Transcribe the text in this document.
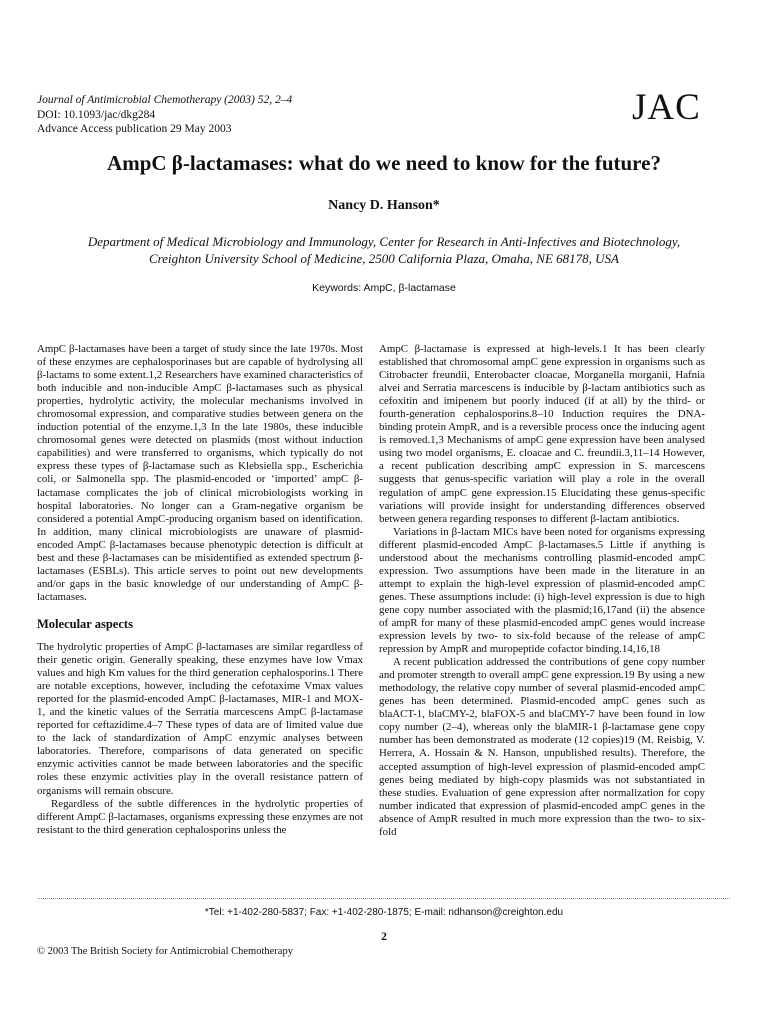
Journal of Antimicrobial Chemotherapy (2003) 52, 2–4
DOI: 10.1093/jac/dkg284
Advance Access publication 29 May 2003
JAC
AmpC β-lactamases: what do we need to know for the future?
Nancy D. Hanson*
Department of Medical Microbiology and Immunology, Center for Research in Anti-Infectives and Biotechnology,
Creighton University School of Medicine, 2500 California Plaza, Omaha, NE 68178, USA
Keywords: AmpC, β-lactamase

AmpC β-lactamases have been a target of study since the late 1970s. Most of these enzymes are cephalosporinases but are capable of hydrolysing all β-lactams to some extent.1,2 Researchers have examined characteristics of both inducible and non-inducible AmpC β-lactamases such as physical properties, hydrolytic activity, the molecular mechanisms involved in chromosomal expression, and comparative studies between genera on the induction potential of the enzyme.1,3 In the late 1980s, these inducible chromosomal genes were detected on plasmids (most without induction capabilities) and were transferred to organisms, which typically do not express these types of β-lactamase such as Klebsiella spp., Escherichia coli, or Salmonella spp. The plasmid-encoded or ‘imported’ ampC β-lactamase complicates the job of clinical microbiologists working in hospital laboratories. No longer can a Gram-negative organism be considered a potential AmpC-producing organism based on identification. In addition, many clinical microbiologists are unaware of plasmid-encoded AmpC β-lactamases because phenotypic detection is difficult at best and these β-lactamases can be misidentified as extended spectrum β-lactamases (ESBLs). This article serves to point out new developments and/or gaps in the basic knowledge of our understanding of AmpC β-lactamases.

Molecular aspects

The hydrolytic properties of AmpC β-lactamases are similar regardless of their genetic origin. Generally speaking, these enzymes have low Vmax values and high Km values for the third generation cephalosporins.1 There are notable exceptions, however, including the cefotaxime Vmax values reported for the plasmid-encoded AmpC β-lactamases, MIR-1 and MOX-1, and the kinetic values of the Serratia marcescens AmpC β-lactamase reported for ceftazidime.4–7 These types of data are of limited value due to the lack of standardization of AmpC enzymic analyses between laboratories. Therefore, comparisons of data generated on specific enzymic activities cannot be made between laboratories and the specific roles these enzymic activities play in the overall resistance pattern of organisms will remain obscure.

Regardless of the subtle differences in the hydrolytic properties of different AmpC β-lactamases, organisms expressing these enzymes are not resistant to the third generation cephalosporins unless the

AmpC β-lactamase is expressed at high-levels.1 It has been clearly established that chromosomal ampC gene expression in organisms such as Citrobacter freundii, Enterobacter cloacae, Morganella morganii, Hafnia alvei and Serratia marcescens is inducible by β-lactam antibiotics such as cefoxitin and imipenem but poorly induced (if at all) by the third- or fourth-generation cephalosporins.8–10 Induction requires the DNA-binding protein AmpR, and is a reversible process once the inducing agent is removed.1,3 Mechanisms of ampC gene expression have been analysed using two model organisms, E. cloacae and C. freundii.3,11–14 However, a recent publication describing ampC expression in S. marcescens suggests that genus-specific variation will play a role in the overall regulation of ampC gene expression.15 Elucidating these genus-specific variations will provide insight for understanding differences observed between genera regarding responses to different β-lactam antibiotics.

Variations in β-lactam MICs have been noted for organisms expressing different plasmid-encoded AmpC β-lactamases.5 Little if anything is understood about the mechanisms controlling plasmid-encoded ampC expression. Two assumptions have been made in the literature in an attempt to explain the high-level expression of plasmid-encoded ampC genes. These assumptions include: (i) high-level expression is due to high gene copy number associated with the plasmid;16,17and (ii) the absence of ampR for many of these plasmid-encoded ampC genes would increase expression levels by two- to six-fold because of the release of ampC repression by AmpR and muropeptide cofactor binding.14,16,18

A recent publication addressed the contributions of gene copy number and promoter strength to overall ampC gene expression.19 By using a new methodology, the relative copy number of several plasmid-encoded ampC genes has been determined. Plasmid-encoded ampC genes such as blaACT-1, blaCMY-2, blaFOX-5 and blaCMY-7 have been found in low copy number (2–4), whereas only the blaMIR-1 β-lactamase gene copy number has been demonstrated as moderate (12 copies)19 (M. Reisbig, V. Herrera, A. Hossain & N. Hanson, unpublished results). Therefore, the accepted assumption of high-level expression of plasmid-encoded ampC genes being mediated by high-copy plasmids was not substantiated in these studies. Evaluation of gene expression after normalization for copy number indicated that expression of plasmid-encoded ampC genes in the absence of AmpR resulted in much more expression than the two- to six-fold

*Tel: +1-402-280-5837; Fax: +1-402-280-1875; E-mail: ndhanson@creighton.edu
2
© 2003 The British Society for Antimicrobial Chemotherapy
